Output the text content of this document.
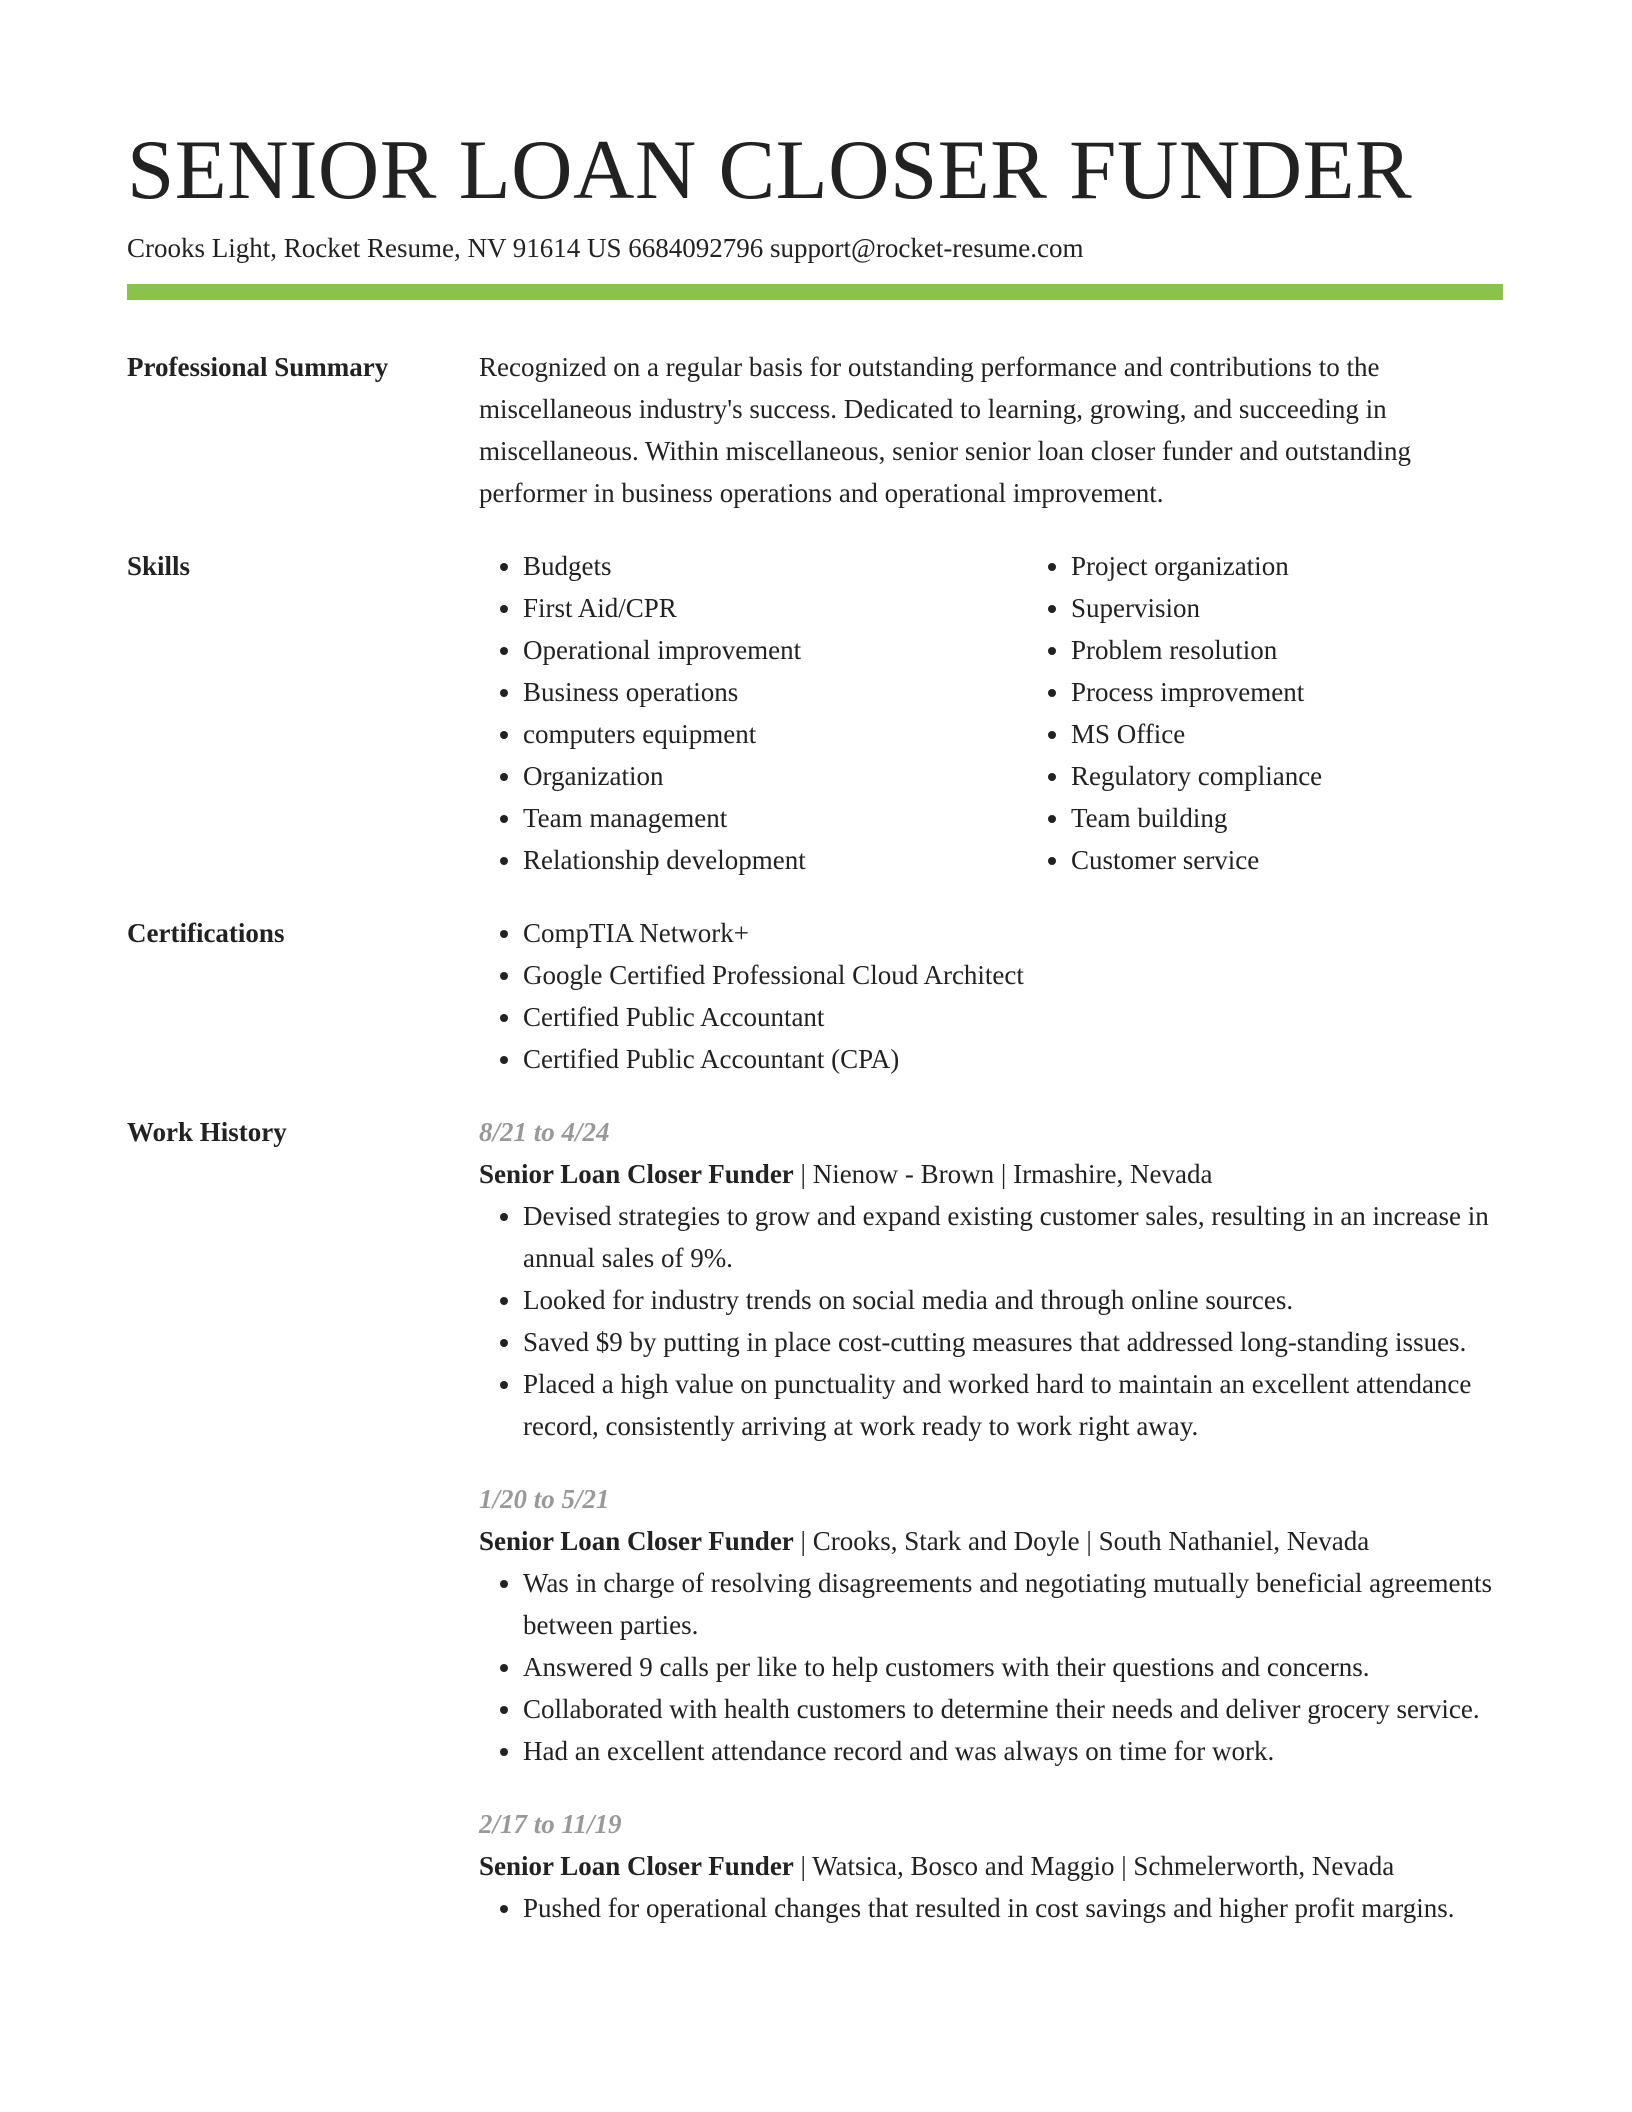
SENIOR LOAN CLOSER FUNDER
Crooks Light, Rocket Resume, NV 91614 US 6684092796 support@rocket-resume.com
Professional Summary	Recognized on a regular basis for outstanding performance and contributions to the miscellaneous industry's success. Dedicated to learning, growing, and succeeding in miscellaneous. Within miscellaneous, senior senior loan closer funder and outstanding performer in business operations and operational improvement.

Skills	• Budgets
• First Aid/CPR
• Operational improvement
• Business operations
• computers equipment
• Organization
• Team management
• Relationship development
• Project organization
• Supervision
• Problem resolution
• Process improvement
• MS Office
• Regulatory compliance
• Team building
• Customer service
Certifications	• CompTIA Network+
• Google Certified Professional Cloud Architect
• Certified Public Accountant
• Certified Public Accountant (CPA)
Work History	8/21 to 4/24
Senior Loan Closer Funder | Nienow - Brown | Irmashire, Nevada
• Devised strategies to grow and expand existing customer sales, resulting in an increase in annual sales of 9%.
• Looked for industry trends on social media and through online sources.
• Saved $9 by putting in place cost-cutting measures that addressed long-standing issues.
• Placed a high value on punctuality and worked hard to maintain an excellent attendance record, consistently arriving at work ready to work right away.
1/20 to 5/21
Senior Loan Closer Funder | Crooks, Stark and Doyle | South Nathaniel, Nevada
• Was in charge of resolving disagreements and negotiating mutually beneficial agreements between parties.
• Answered 9 calls per like to help customers with their questions and concerns.
• Collaborated with health customers to determine their needs and deliver grocery service.
• Had an excellent attendance record and was always on time for work.
2/17 to 11/19
Senior Loan Closer Funder | Watsica, Bosco and Maggio | Schmelerworth, Nevada
• Pushed for operational changes that resulted in cost savings and higher profit margins.
